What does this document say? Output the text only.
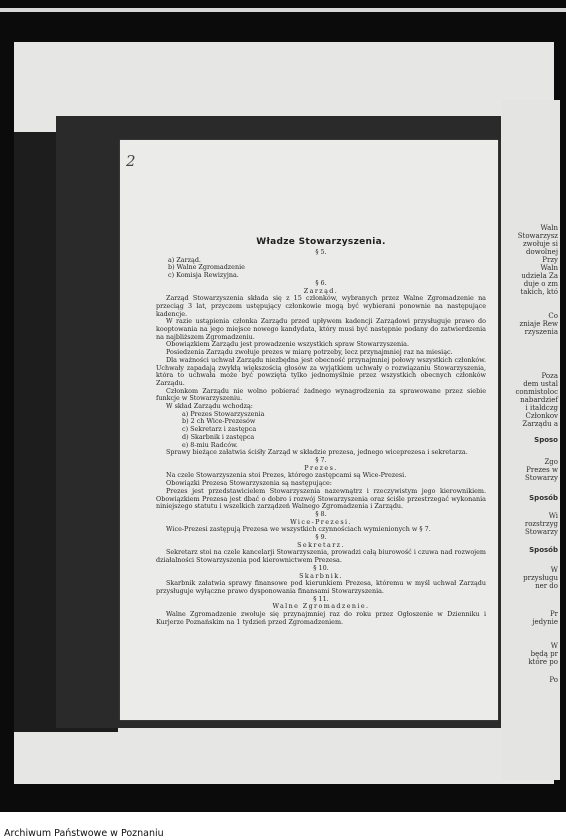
Waln
Stowarzysz
zwołuje si
dowolnej
Przy
Waln
udziela Za
duje o zm
takich, któ
Co
zniaje Rew
rzyszenia
Poza
dem ustal
conmistoloc
nabardzief
i italdczg
Członkov
Zarządu a
Sposo
Zgo
Prezes w
Stowarzy
Sposób
Wi
rozstrzyg
Stowarzy
Sposób
W
przysługu
ner do
Pr
jedynie
W
będą pr
które po
Po
2
Władze Stowarzyszenia.
§ 5.
a) Zarząd.
b) Walne Zgromadzenie
c) Komisja Rewizyjna.
§ 6.
Zarząd.
Zarząd Stowarzyszenia składa się z 15 członków, wybranych przez Walne Zgromadzenie na przeciąg 3 lat, przyczem ustępujący członkowie mogą być wybierani ponownie na następujące kadencje.
W razie ustąpienia członka Zarządu przed upływem kadencji Zarządowi przysługuje prawo do kooptowania na jego miejsce nowego kandydata, który musi być następnie podany do zatwierdzenia na najbliższem Zgromadzeniu.
Obowiązkiem Zarządu jest prowadzenie wszystkich spraw Stowarzyszenia.
Posiedzenia Zarządu zwołuje prezes w miarę potrzeby, lecz przynajmniej raz na miesiąc.
Dla ważności uchwał Zarządu niezbędna jest obecność przynajmniej połowy wszystkich członków. Uchwały zapadają zwykłą większością głosów za wyjątkiem uchwały o rozwiązaniu Stowarzyszenia, która to uchwała może być powzięta tylko jednomyślnie przez wszystkich obecnych członków Zarządu.
Członkom Zarządu nie wolno pobierać żadnego wynagrodzenia za sprawowane przez siebie funkcje w Stowarzyszeniu.
W skład Zarządu wchodzą:
a) Prezes Stowarzyszenia
b) 2 ch Wice-Prezesów
c) Sekretarz i zastępca
d) Skarbnik i zastępca
e) 8-miu Radców.
Sprawy bieżące załatwia ściśły Zarząd w składzie prezesa, jednego wiceprezesa i sekretarza.
§ 7.
Prezes.
Na czele Stowarzyszenia stoi Prezes, którego zastępcami są Wice-Prezesi.
Obowiązki Prezesa Stowarzyszenia są następujące:
Prezes jest przedstawicielem Stowarzyszenia nazewnątrz i rzeczywistym jego kierownikiem. Obowiązkiem Prezesa jest dbać o dobro i rozwój Stowarzyszenia oraz ściśle przestrzegać wykonania niniejszego statutu i wszelkich zarządzeń Walnego Zgromadzenia i Zarządu.
§ 8.
Wice-Prezesi.
Wice-Prezesi zastępują Prezesa we wszystkich czynnościach wymienionych w § 7.
§ 9.
Sekretarz.
Sekretarz stoi na czele kancelarji Stowarzyszenia, prowadzi całą biurowość i czuwa nad rozwojem działalności Stowarzyszenia pod kierownictwem Prezesa.
§ 10.
Skarbnik.
Skarbnik załatwia sprawy finansowe pod kierunkiem Prezesa, któremu w myśl uchwał Zarządu przysługuje wyłączne prawo dysponowania finansami Stowarzyszenia.
§ 11.
Walne Zgromadzenie.
Walne Zgromadzenie zwołuje się przynajmniej raz do roku przez Ogłoszenie w Dzienniku i Kurjerze Poznańskim na 1 tydzień przed Zgromadzeniem.
Archiwum Państwowe w Poznaniu
